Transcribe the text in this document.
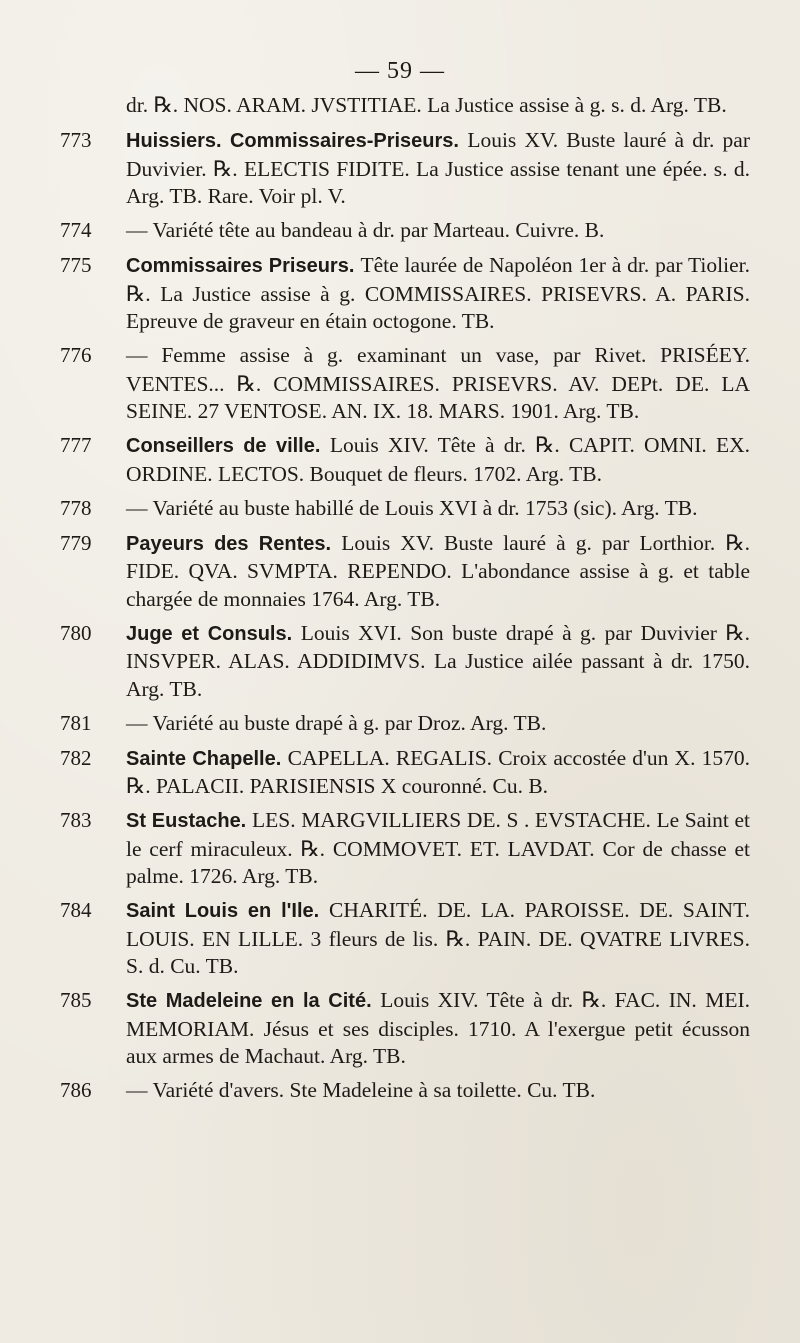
— 59 —
dr. ℞. NOS. ARAM. JVSTITIAE. La Justice assise à g. s. d. Arg. TB.
773 Huissiers. Commissaires-Priseurs. Louis XV. Buste lauré à dr. par Duvivier. ℞. ELECTIS FIDITE. La Justice assise tenant une épée. s. d. Arg. TB. Rare. Voir pl. V.
774 — Variété tête au bandeau à dr. par Marteau. Cuivre. B.
775 Commissaires Priseurs. Tête laurée de Napoléon 1er à dr. par Tiolier. ℞. La Justice assise à g. COMMISSAIRES. PRISEVRS. A. PARIS. Epreuve de graveur en étain octogone. TB.
776 — Femme assise à g. examinant un vase, par Rivet. PRISÉEY. VENTES... ℞. COMMISSAIRES. PRISEVRS. AV. DEPt. DE. LA SEINE. 27 VENTOSE. AN. IX. 18. MARS. 1901. Arg. TB.
777 Conseillers de ville. Louis XIV. Tête à dr. ℞. CAPIT. OMNI. EX. ORDINE. LECTOS. Bouquet de fleurs. 1702. Arg. TB.
778 — Variété au buste habillé de Louis XVI à dr. 1753 (sic). Arg. TB.
779 Payeurs des Rentes. Louis XV. Buste lauré à g. par Lorthior. ℞. FIDE. QVA. SVMPTA. REPENDO. L'abondance assise à g. et table chargée de monnaies 1764. Arg. TB.
780 Juge et Consuls. Louis XVI. Son buste drapé à g. par Duvivier ℞. INSVPER. ALAS. ADDIDIMVS. La Justice ailée passant à dr. 1750. Arg. TB.
781 — Variété au buste drapé à g. par Droz. Arg. TB.
782 Sainte Chapelle. CAPELLA. REGALIS. Croix accostée d'un X. 1570. ℞. PALACII. PARISIENSIS X couronné. Cu. B.
783 St Eustache. LES. MARGVILLIERS DE. S . EVSTACHE. Le Saint et le cerf miraculeux. ℞. COMMOVET. ET. LAVDAT. Cor de chasse et palme. 1726. Arg. TB.
784 Saint Louis en l'Ile. CHARITÉ. DE. LA. PAROISSE. DE. SAINT. LOUIS. EN LILLE. 3 fleurs de lis. ℞. PAIN. DE. QVATRE LIVRES. S. d. Cu. TB.
785 Ste Madeleine en la Cité. Louis XIV. Tête à dr. ℞. FAC. IN. MEI. MEMORIAM. Jésus et ses disciples. 1710. A l'exergue petit écusson aux armes de Machaut. Arg. TB.
786 — Variété d'avers. Ste Madeleine à sa toilette. Cu. TB.
